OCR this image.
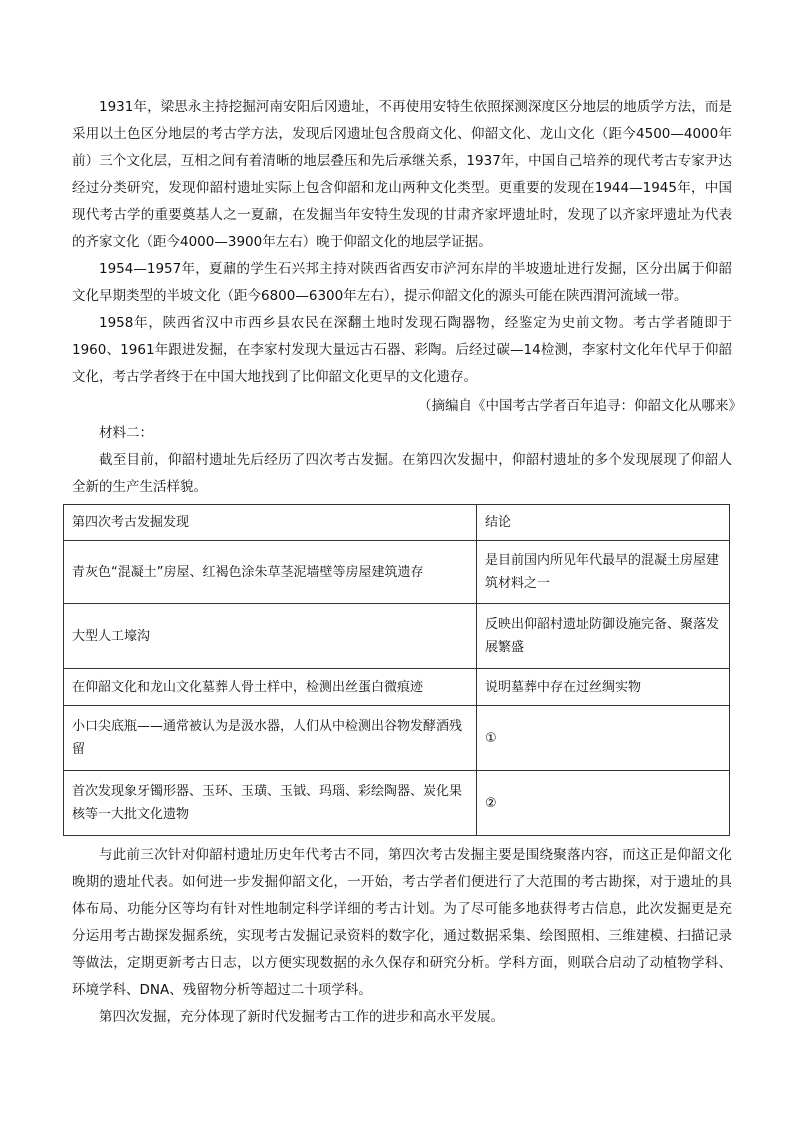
1931年，梁思永主持挖掘河南安阳后冈遗址，不再使用安特生依照探测深度区分地层的地质学方法，而是采用以土色区分地层的考古学方法，发现后冈遗址包含殷商文化、仰韶文化、龙山文化（距今4500—4000年前）三个文化层，互相之间有着清晰的地层叠压和先后承继关系，1937年，中国自己培养的现代考古专家尹达经过分类研究，发现仰韶村遗址实际上包含仰韶和龙山两种文化类型。更重要的发现在1944—1945年，中国现代考古学的重要奠基人之一夏鼐，在发掘当年安特生发现的甘肃齐家坪遗址时，发现了以齐家坪遗址为代表的齐家文化（距今4000—3900年左右）晚于仰韶文化的地层学证据。

1954—1957年，夏鼐的学生石兴邦主持对陕西省西安市浐河东岸的半坡遗址进行发掘，区分出属于仰韶文化早期类型的半坡文化（距今6800—6300年左右），提示仰韶文化的源头可能在陕西渭河流域一带。

1958年，陕西省汉中市西乡县农民在深翻土地时发现石陶器物，经鉴定为史前文物。考古学者随即于1960、1961年跟进发掘，在李家村发现大量远古石器、彩陶。后经过碳—14检测，李家村文化年代早于仰韶文化，考古学者终于在中国大地找到了比仰韶文化更早的文化遗存。

（摘编自《中国考古学者百年追寻：仰韶文化从哪来》

材料二：

截至目前，仰韶村遗址先后经历了四次考古发掘。在第四次发掘中，仰韶村遗址的多个发现展现了仰韶人全新的生产生活样貌。

第四次考古发掘发现	结论
青灰色“混凝土”房屋、红褐色涂朱草茎泥墙壁等房屋建筑遗存	是目前国内所见年代最早的混凝土房屋建筑材料之一
大型人工壕沟	反映出仰韶村遗址防御设施完备、聚落发展繁盛
在仰韶文化和龙山文化墓葬人骨土样中，检测出丝蛋白微痕迹	说明墓葬中存在过丝绸实物
小口尖底瓶——通常被认为是汲水器，人们从中检测出谷物发酵酒残留	①
首次发现象牙镯形器、玉环、玉璜、玉钺、玛瑙、彩绘陶器、炭化果核等一大批文化遗物	②

与此前三次针对仰韶村遗址历史年代考古不同，第四次考古发掘主要是围绕聚落内容，而这正是仰韶文化晚期的遗址代表。如何进一步发掘仰韶文化，一开始，考古学者们便进行了大范围的考古勘探，对于遗址的具体布局、功能分区等均有针对性地制定科学详细的考古计划。为了尽可能多地获得考古信息，此次发掘更是充分运用考古勘探发掘系统，实现考古发掘记录资料的数字化，通过数据采集、绘图照相、三维建模、扫描记录等做法，定期更新考古日志，以方便实现数据的永久保存和研究分析。学科方面，则联合启动了动植物学科、环境学科、DNA、残留物分析等超过二十项学科。

第四次发掘，充分体现了新时代发掘考古工作的进步和高水平发展。
